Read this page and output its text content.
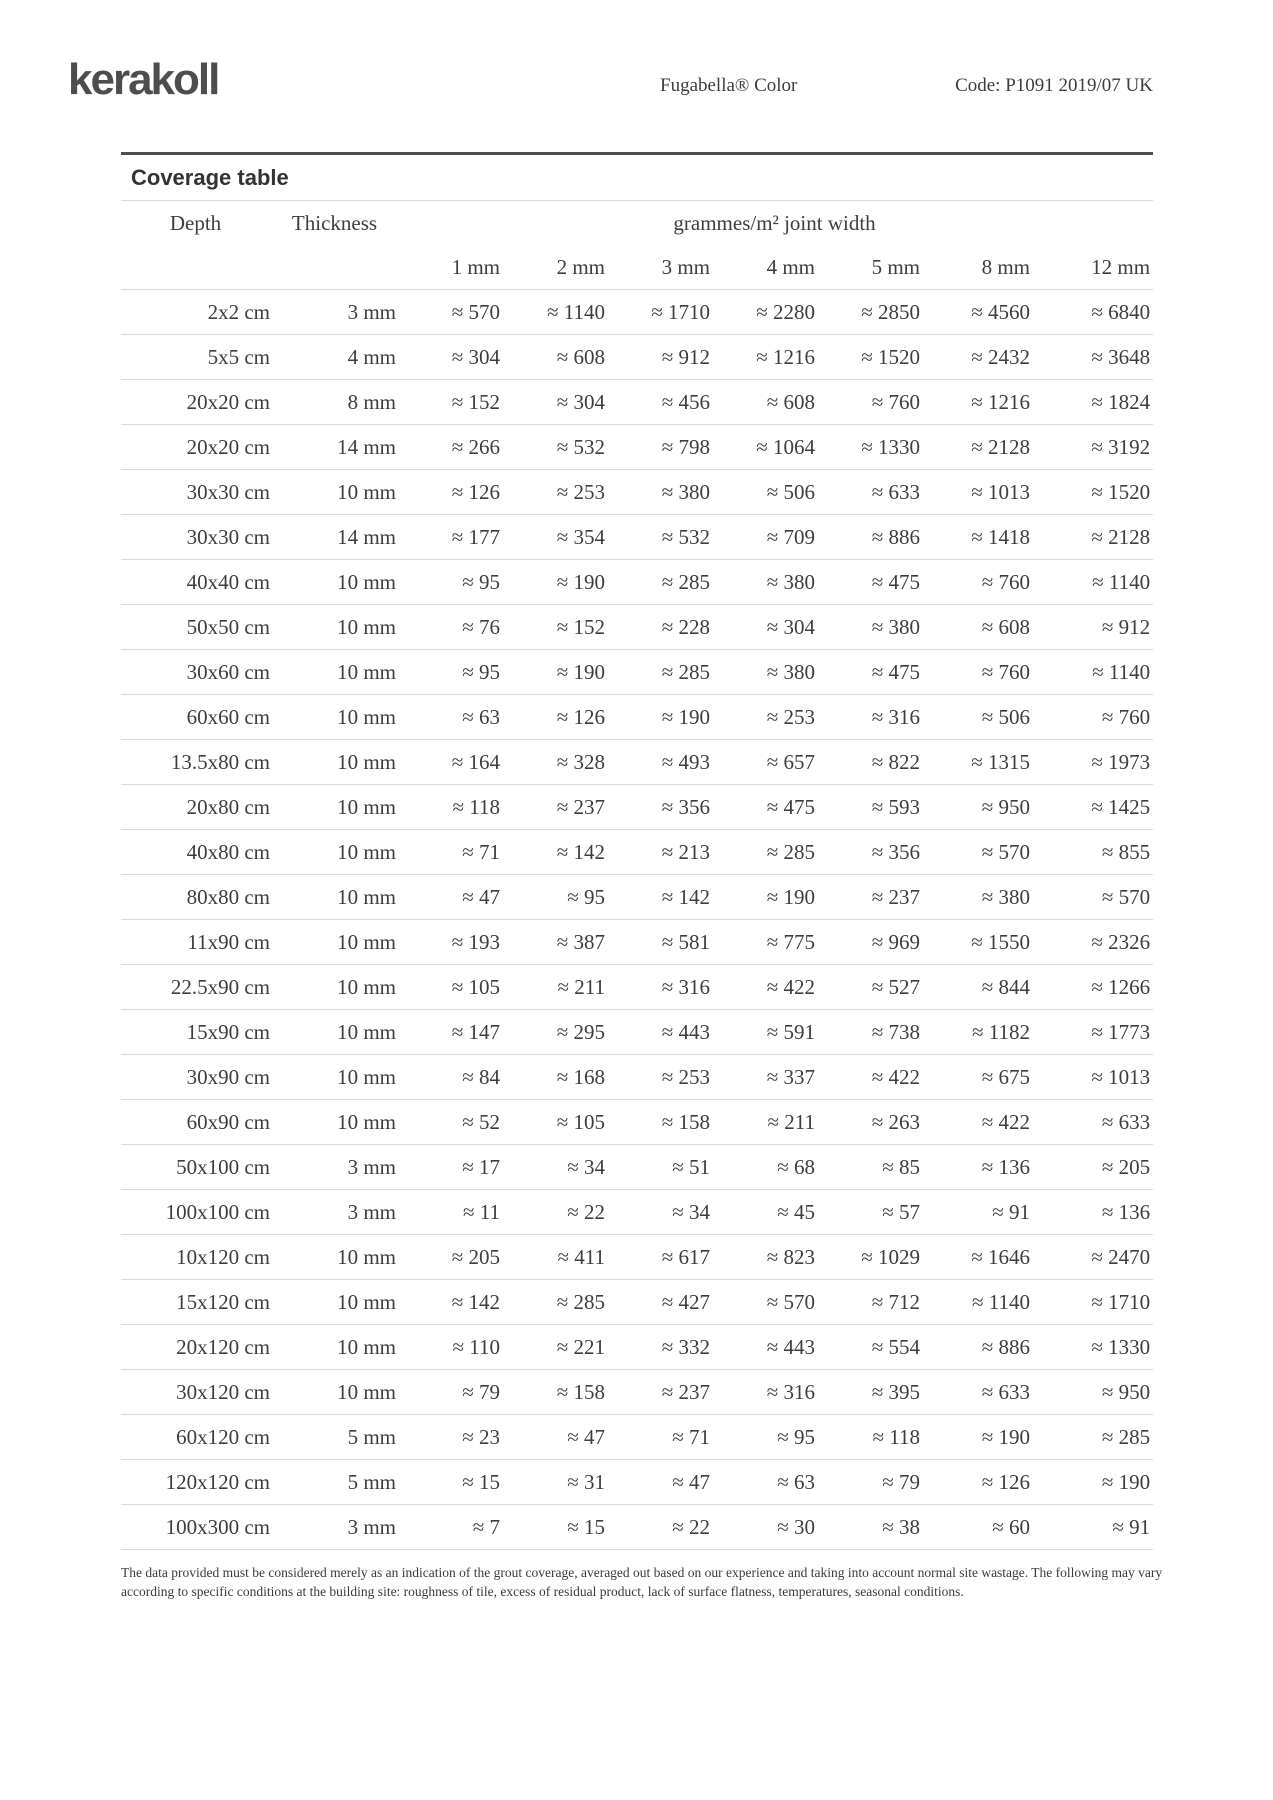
kerakoll	Fugabella® Color	Code: P1091 2019/07 UK
Coverage table
Depth	Thickness	grammes/m² joint width						
		1 mm	2 mm	3 mm	4 mm	5 mm	8 mm	12 mm
2x2 cm	3 mm	≈ 570	≈ 1140	≈ 1710	≈ 2280	≈ 2850	≈ 4560	≈ 6840
5x5 cm	4 mm	≈ 304	≈ 608	≈ 912	≈ 1216	≈ 1520	≈ 2432	≈ 3648
20x20 cm	8 mm	≈ 152	≈ 304	≈ 456	≈ 608	≈ 760	≈ 1216	≈ 1824
20x20 cm	14 mm	≈ 266	≈ 532	≈ 798	≈ 1064	≈ 1330	≈ 2128	≈ 3192
30x30 cm	10 mm	≈ 126	≈ 253	≈ 380	≈ 506	≈ 633	≈ 1013	≈ 1520
30x30 cm	14 mm	≈ 177	≈ 354	≈ 532	≈ 709	≈ 886	≈ 1418	≈ 2128
40x40 cm	10 mm	≈ 95	≈ 190	≈ 285	≈ 380	≈ 475	≈ 760	≈ 1140
50x50 cm	10 mm	≈ 76	≈ 152	≈ 228	≈ 304	≈ 380	≈ 608	≈ 912
30x60 cm	10 mm	≈ 95	≈ 190	≈ 285	≈ 380	≈ 475	≈ 760	≈ 1140
60x60 cm	10 mm	≈ 63	≈ 126	≈ 190	≈ 253	≈ 316	≈ 506	≈ 760
13.5x80 cm	10 mm	≈ 164	≈ 328	≈ 493	≈ 657	≈ 822	≈ 1315	≈ 1973
20x80 cm	10 mm	≈ 118	≈ 237	≈ 356	≈ 475	≈ 593	≈ 950	≈ 1425
40x80 cm	10 mm	≈ 71	≈ 142	≈ 213	≈ 285	≈ 356	≈ 570	≈ 855
80x80 cm	10 mm	≈ 47	≈ 95	≈ 142	≈ 190	≈ 237	≈ 380	≈ 570
11x90 cm	10 mm	≈ 193	≈ 387	≈ 581	≈ 775	≈ 969	≈ 1550	≈ 2326
22.5x90 cm	10 mm	≈ 105	≈ 211	≈ 316	≈ 422	≈ 527	≈ 844	≈ 1266
15x90 cm	10 mm	≈ 147	≈ 295	≈ 443	≈ 591	≈ 738	≈ 1182	≈ 1773
30x90 cm	10 mm	≈ 84	≈ 168	≈ 253	≈ 337	≈ 422	≈ 675	≈ 1013
60x90 cm	10 mm	≈ 52	≈ 105	≈ 158	≈ 211	≈ 263	≈ 422	≈ 633
50x100 cm	3 mm	≈ 17	≈ 34	≈ 51	≈ 68	≈ 85	≈ 136	≈ 205
100x100 cm	3 mm	≈ 11	≈ 22	≈ 34	≈ 45	≈ 57	≈ 91	≈ 136
10x120 cm	10 mm	≈ 205	≈ 411	≈ 617	≈ 823	≈ 1029	≈ 1646	≈ 2470
15x120 cm	10 mm	≈ 142	≈ 285	≈ 427	≈ 570	≈ 712	≈ 1140	≈ 1710
20x120 cm	10 mm	≈ 110	≈ 221	≈ 332	≈ 443	≈ 554	≈ 886	≈ 1330
30x120 cm	10 mm	≈ 79	≈ 158	≈ 237	≈ 316	≈ 395	≈ 633	≈ 950
60x120 cm	5 mm	≈ 23	≈ 47	≈ 71	≈ 95	≈ 118	≈ 190	≈ 285
120x120 cm	5 mm	≈ 15	≈ 31	≈ 47	≈ 63	≈ 79	≈ 126	≈ 190
100x300 cm	3 mm	≈ 7	≈ 15	≈ 22	≈ 30	≈ 38	≈ 60	≈ 91
The data provided must be considered merely as an indication of the grout coverage, averaged out based on our experience and taking into account normal site wastage. The following may vary
according to specific conditions at the building site: roughness of tile, excess of residual product, lack of surface flatness, temperatures, seasonal conditions.
